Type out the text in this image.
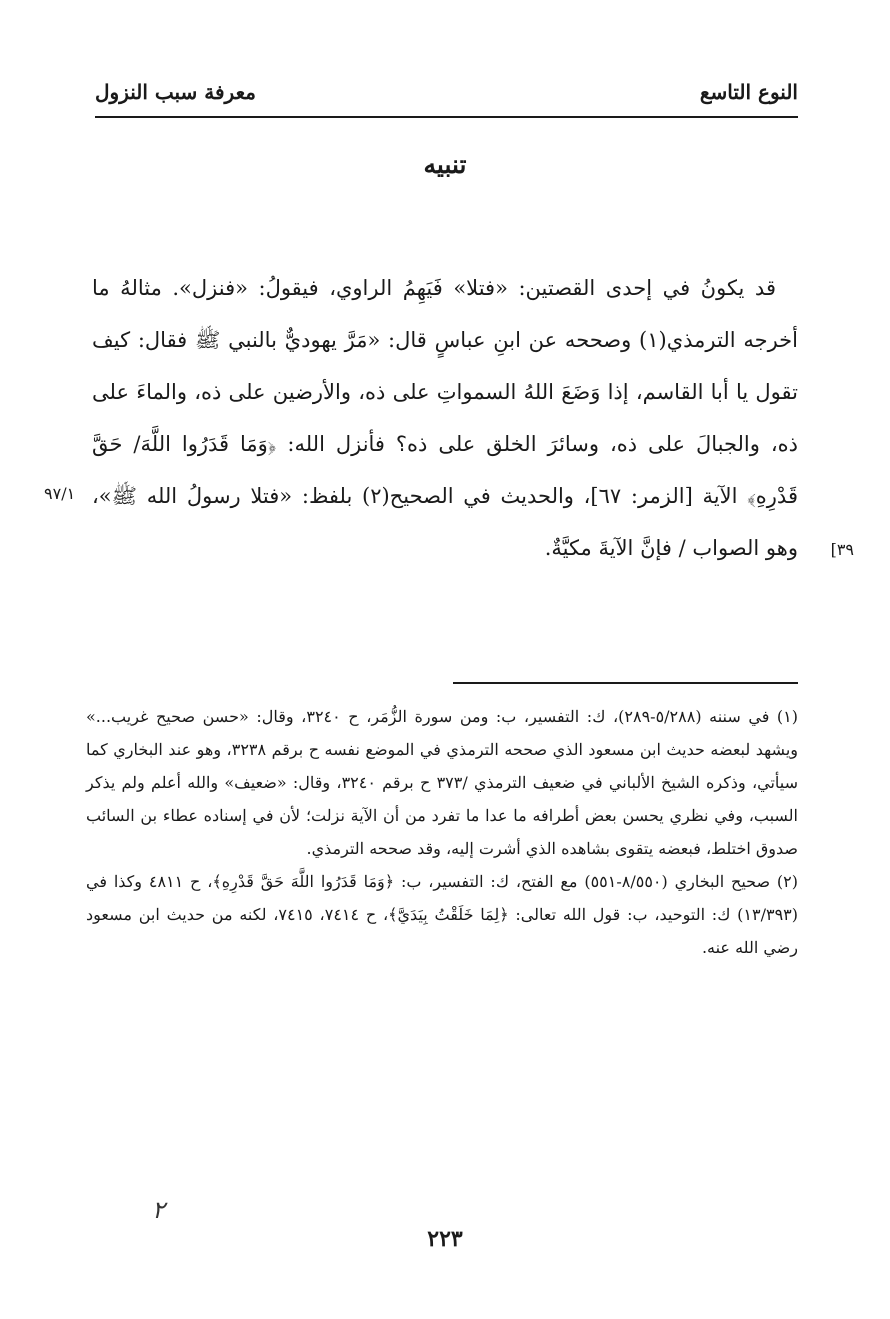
النوع التاسع
معرفة سبب النزول
تنبيه

قد يكونُ في إحدى القصتين: «فتلا» فَيَهِمُ الراوي، فيقولُ: «فنزل». مثالهُ ما أخرجه الترمذي(١) وصححه عن ابنِ عباسٍ قال: «مَرَّ يهوديٌّ بالنبي ﷺ فقال: كيف تقول يا أبا القاسم، إذا وَضَعَ اللهُ السمواتِ على ذه، والأرضين على ذه، والماءَ على ذه، والجبالَ على ذه، وسائرَ الخلق على ذه؟ فأنزل الله: ﴿وَمَا قَدَرُوا اللَّهَ/ حَقَّ قَدْرِهِ﴾ الآية [الزمر: ٦٧]، والحديث في الصحيح(٢) بلفظ: «فتلا رسولُ الله ﷺ»، وهو الصواب / فإنَّ الآيةَ مكيَّةٌ.

٩٧/١
[٣٩

(١) في سننه (٥/٢٨٨-٢٨٩)، ك: التفسير، ب: ومن سورة الزُّمَر، ح ٣٢٤٠، وقال: «حسن صحيح غريب...» ويشهد لبعضه حديث ابن مسعود الذي صححه الترمذي في الموضع نفسه ح برقم ٣٢٣٨، وهو عند البخاري كما سيأتي، وذكره الشيخ الألباني في ضعيف الترمذي /٣٧٣ ح برقم ٣٢٤٠، وقال: «ضعيف» والله أعلم ولم يذكر السبب، وفي نظري يحسن بعض أطرافه ما عدا ما تفرد من أن الآية نزلت؛ لأن في إسناده عطاء بن السائب صدوق اختلط، فبعضه يتقوى بشاهده الذي أشرت إليه، وقد صححه الترمذي.

(٢) صحيح البخاري (٨/٥٥٠-٥٥١) مع الفتح، ك: التفسير، ب: ﴿وَمَا قَدَرُوا اللَّهَ حَقَّ قَدْرِهِ﴾، ح ٤٨١١ وكذا في (١٣/٣٩٣) ك: التوحيد، ب: قول الله تعالى: ﴿لِمَا خَلَقْتُ بِيَدَيَّ﴾، ح ٧٤١٤، ٧٤١٥، لكنه من حديث ابن مسعود رضي الله عنه.

٢
٢٢٣
